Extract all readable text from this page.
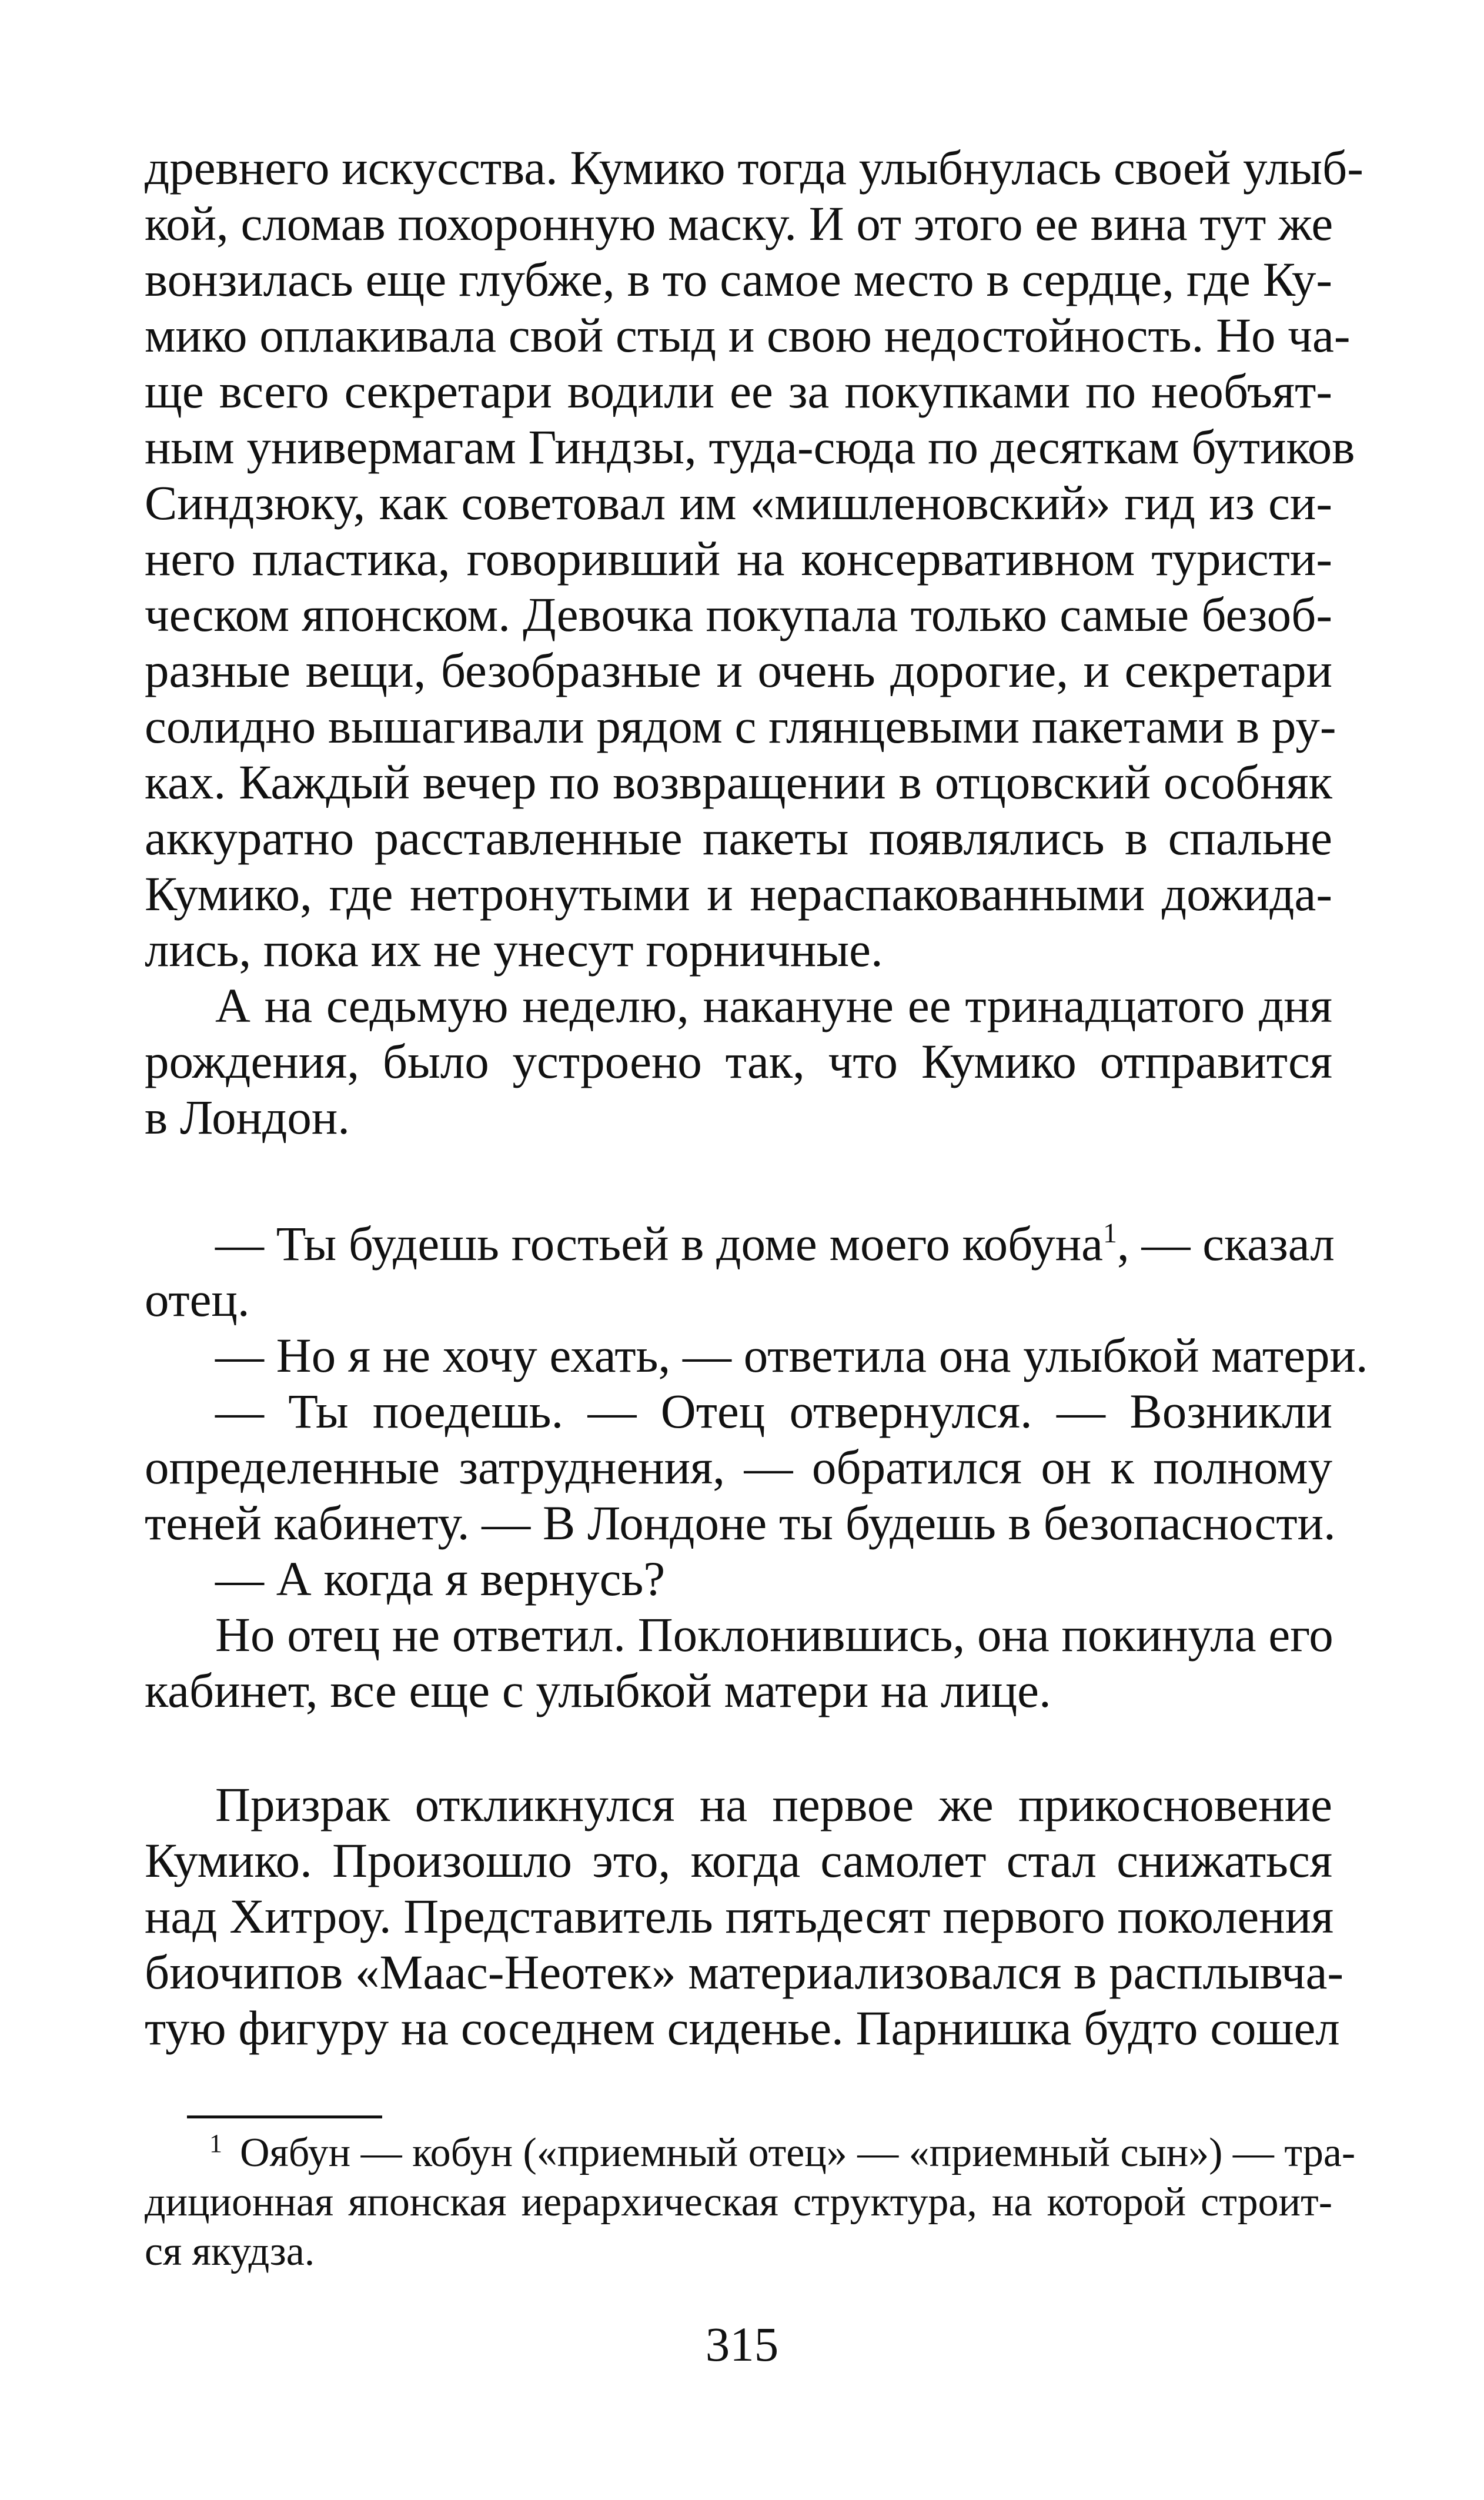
древнего искусства. Кумико тогда улыбнулась своей улыб-
кой, сломав похоронную маску. И от этого ее вина тут же
вонзилась еще глубже, в то самое место в сердце, где Ку-
мико оплакивала свой стыд и свою недостойность. Но ча-
ще всего секретари водили ее за покупками по необъят-
ным универмагам Гиндзы, туда-сюда по десяткам бутиков
Синдзюку, как советовал им «мишленовский» гид из си-
него пластика, говоривший на консервативном туристи-
ческом японском. Девочка покупала только самые безоб-
разные вещи, безобразные и очень дорогие, и секретари
солидно вышагивали рядом с глянцевыми пакетами в ру-
ках. Каждый вечер по возвращении в отцовский особняк
аккуратно расставленные пакеты появлялись в спальне
Кумико, где нетронутыми и нераспакованными дожида-
лись, пока их не унесут горничные.
А на седьмую неделю, накануне ее тринадцатого дня
рождения, было устроено так, что Кумико отправится
в Лондон.
— Ты будешь гостьей в доме моего кобуна$^1$, — сказал
отец.
— Но я не хочу ехать, — ответила она улыбкой матери.
— Ты поедешь. — Отец отвернулся. — Возникли
определенные затруднения, — обратился он к полному
теней кабинету. — В Лондоне ты будешь в безопасности.
— А когда я вернусь?
Но отец не ответил. Поклонившись, она покинула его
кабинет, все еще с улыбкой матери на лице.
Призрак откликнулся на первое же прикосновение
Кумико. Произошло это, когда самолет стал снижаться
над Хитроу. Представитель пятьдесят первого поколения
биочипов «Маас-Неотек» материализовался в расплывча-
тую фигуру на соседнем сиденье. Парнишка будто сошел
$^1$ Оябун — кобун («приемный отец» — «приемный сын») — тра-
диционная японская иерархическая структура, на которой строит-
ся якудза.
315
